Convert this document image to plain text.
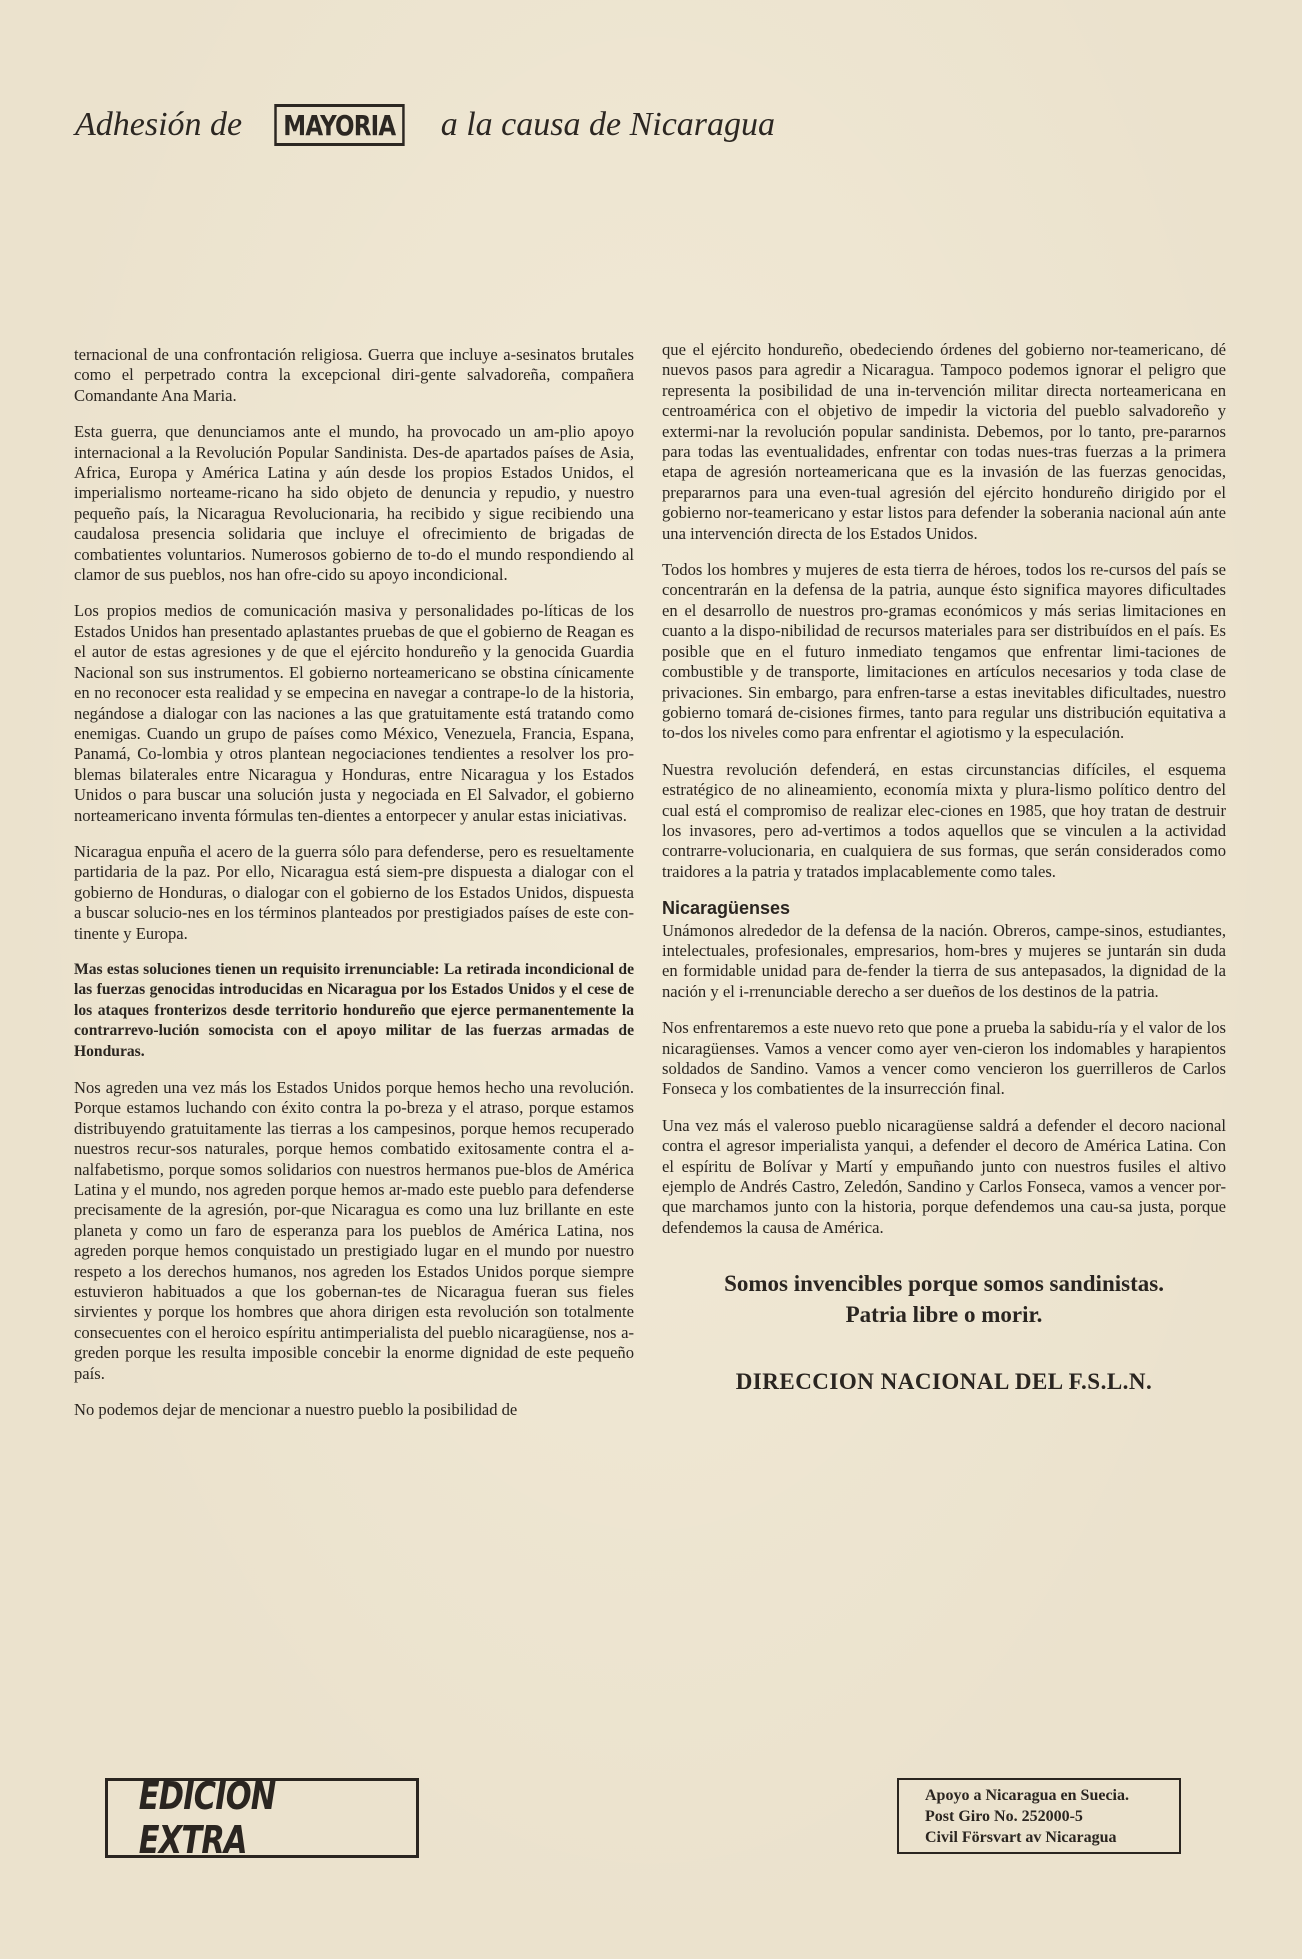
Adhesión de	MAYORIA a la causa de Nicaragua

ternacional de una confrontación religiosa. Guerra que incluye a-sesinatos brutales como el perpetrado contra la excepcional diri-gente salvadoreña, compañera Comandante Ana Maria.

Esta guerra, que denunciamos ante el mundo, ha provocado un am-plio apoyo internacional a la Revolución Popular Sandinista. Des-de apartados países de Asia, Africa, Europa y América Latina y aún desde los propios Estados Unidos, el imperialismo norteame-ricano ha sido objeto de denuncia y repudio, y nuestro pequeño país, la Nicaragua Revolucionaria, ha recibido y sigue recibiendo una caudalosa presencia solidaria que incluye el ofrecimiento de brigadas de combatientes voluntarios. Numerosos gobierno de to-do el mundo respondiendo al clamor de sus pueblos, nos han ofre-cido su apoyo incondicional.

Los propios medios de comunicación masiva y personalidades po-líticas de los Estados Unidos han presentado aplastantes pruebas de que el gobierno de Reagan es el autor de estas agresiones y de que el ejército hondureño y la genocida Guardia Nacional son sus instrumentos. El gobierno norteamericano se obstina cínicamente en no reconocer esta realidad y se empecina en navegar a contrape-lo de la historia, negándose a dialogar con las naciones a las que gratuitamente está tratando como enemigas. Cuando un grupo de países como México, Venezuela, Francia, Espana, Panamá, Co-lombia y otros plantean negociaciones tendientes a resolver los pro-blemas bilaterales entre Nicaragua y Honduras, entre Nicaragua y los Estados Unidos o para buscar una solución justa y negociada en El Salvador, el gobierno norteamericano inventa fórmulas ten-dientes a entorpecer y anular estas iniciativas.

Nicaragua enpuña el acero de la guerra sólo para defenderse, pero es resueltamente partidaria de la paz. Por ello, Nicaragua está siem-pre dispuesta a dialogar con el gobierno de Honduras, o dialogar con el gobierno de los Estados Unidos, dispuesta a buscar solucio-nes en los términos planteados por prestigiados países de este con-tinente y Europa.

Mas estas soluciones tienen un requisito irrenunciable: La retirada incondicional de las fuerzas genocidas introducidas en Nicaragua por los Estados Unidos y el cese de los ataques fronterizos desde territorio hondureño que ejerce permanentemente la contrarrevo-lución somocista con el apoyo militar de las fuerzas armadas de Honduras.

Nos agreden una vez más los Estados Unidos porque hemos hecho una revolución. Porque estamos luchando con éxito contra la po-breza y el atraso, porque estamos distribuyendo gratuitamente las tierras a los campesinos, porque hemos recuperado nuestros recur-sos naturales, porque hemos combatido exitosamente contra el a-nalfabetismo, porque somos solidarios con nuestros hermanos pue-blos de América Latina y el mundo, nos agreden porque hemos ar-mado este pueblo para defenderse precisamente de la agresión, por-que Nicaragua es como una luz brillante en este planeta y como un faro de esperanza para los pueblos de América Latina, nos agreden porque hemos conquistado un prestigiado lugar en el mundo por nuestro respeto a los derechos humanos, nos agreden los Estados Unidos porque siempre estuvieron habituados a que los gobernan-tes de Nicaragua fueran sus fieles sirvientes y porque los hombres que ahora dirigen esta revolución son totalmente consecuentes con el heroico espíritu antimperialista del pueblo nicaragüense, nos a-greden porque les resulta imposible concebir la enorme dignidad de este pequeño país.

No podemos dejar de mencionar a nuestro pueblo la posibilidad de

que el ejército hondureño, obedeciendo órdenes del gobierno nor-teamericano, dé nuevos pasos para agredir a Nicaragua. Tampoco podemos ignorar el peligro que representa la posibilidad de una in-tervención militar directa norteamericana en centroamérica con el objetivo de impedir la victoria del pueblo salvadoreño y extermi-nar la revolución popular sandinista. Debemos, por lo tanto, pre-pararnos para todas las eventualidades, enfrentar con todas nues-tras fuerzas a la primera etapa de agresión norteamericana que es la invasión de las fuerzas genocidas, prepararnos para una even-tual agresión del ejército hondureño dirigido por el gobierno nor-teamericano y estar listos para defender la soberania nacional aún ante una intervención directa de los Estados Unidos.

Todos los hombres y mujeres de esta tierra de héroes, todos los re-cursos del país se concentrarán en la defensa de la patria, aunque ésto significa mayores dificultades en el desarrollo de nuestros pro-gramas económicos y más serias limitaciones en cuanto a la dispo-nibilidad de recursos materiales para ser distribuídos en el país. Es posible que en el futuro inmediato tengamos que enfrentar limi-taciones de combustible y de transporte, limitaciones en artículos necesarios y toda clase de privaciones. Sin embargo, para enfren-tarse a estas inevitables dificultades, nuestro gobierno tomará de-cisiones firmes, tanto para regular uns distribución equitativa a to-dos los niveles como para enfrentar el agiotismo y la especulación.

Nuestra revolución defenderá, en estas circunstancias difíciles, el esquema estratégico de no alineamiento, economía mixta y plura-lismo político dentro del cual está el compromiso de realizar elec-ciones en 1985, que hoy tratan de destruir los invasores, pero ad-vertimos a todos aquellos que se vinculen a la actividad contrarre-volucionaria, en cualquiera de sus formas, que serán considerados como traidores a la patria y tratados implacablemente como tales.

Nicaragüenses

Unámonos alrededor de la defensa de la nación. Obreros, campe-sinos, estudiantes, intelectuales, profesionales, empresarios, hom-bres y mujeres se juntarán sin duda en formidable unidad para de-fender la tierra de sus antepasados, la dignidad de la nación y el i-rrenunciable derecho a ser dueños de los destinos de la patria.

Nos enfrentaremos a este nuevo reto que pone a prueba la sabidu-ría y el valor de los nicaragüenses. Vamos a vencer como ayer ven-cieron los indomables y harapientos soldados de Sandino. Vamos a vencer como vencieron los guerrilleros de Carlos Fonseca y los combatientes de la insurrección final.

Una vez más el valeroso pueblo nicaragüense saldrá a defender el decoro nacional contra el agresor imperialista yanqui, a defender el decoro de América Latina. Con el espíritu de Bolívar y Martí y empuñando junto con nuestros fusiles el altivo ejemplo de Andrés Castro, Zeledón, Sandino y Carlos Fonseca, vamos a vencer por-que marchamos junto con la historia, porque defendemos una cau-sa justa, porque defendemos la causa de América.

Somos invencibles porque somos sandinistas.
Patria libre o morir.
DIRECCION NACIONAL DEL F.S.L.N.
EDICION EXTRA
Apoyo a Nicaragua en Suecia.
Post Giro No. 252000-5
Civil Försvart av Nicaragua
